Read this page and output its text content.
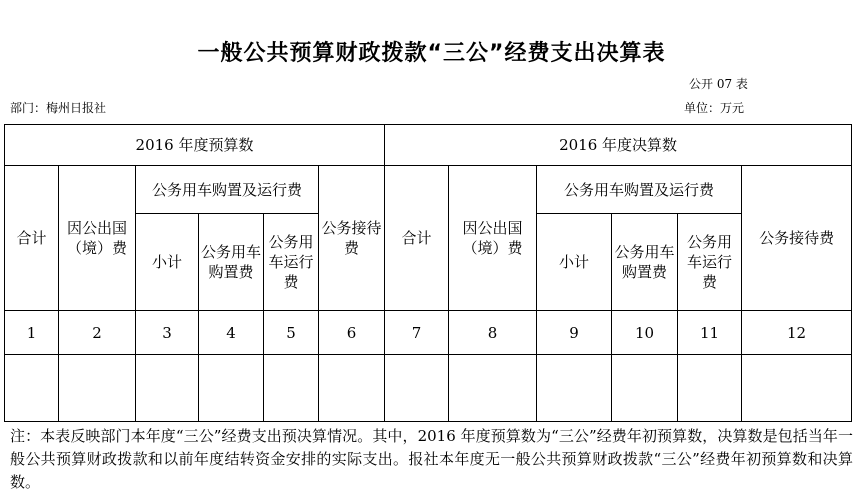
一般公共预算财政拨款“三公”经费支出决算表
公开 07 表
部门：梅州日报社	单位：万元
2016 年度预算数						2016 年度决算数					
合计	因公出国（境）费	公务用车购置及运行费			公务接待费	合计	因公出国（境）费	公务用车购置及运行费			公务接待费
		小计	公务用车购置费	公务用车运行费				小计	公务用车购置费	公务用车运行费	
1	2	3	4	5	6	7	8	9	10	11	12

注：本表反映部门本年度“三公”经费支出预决算情况。其中，2016 年度预算数为“三公”经费年初预算数，决算数是包括当年一般公共预算财政拨款和以前年度结转资金安排的实际支出。报社本年度无一般公共预算财政拨款“三公”经费年初预算数和决算数。
